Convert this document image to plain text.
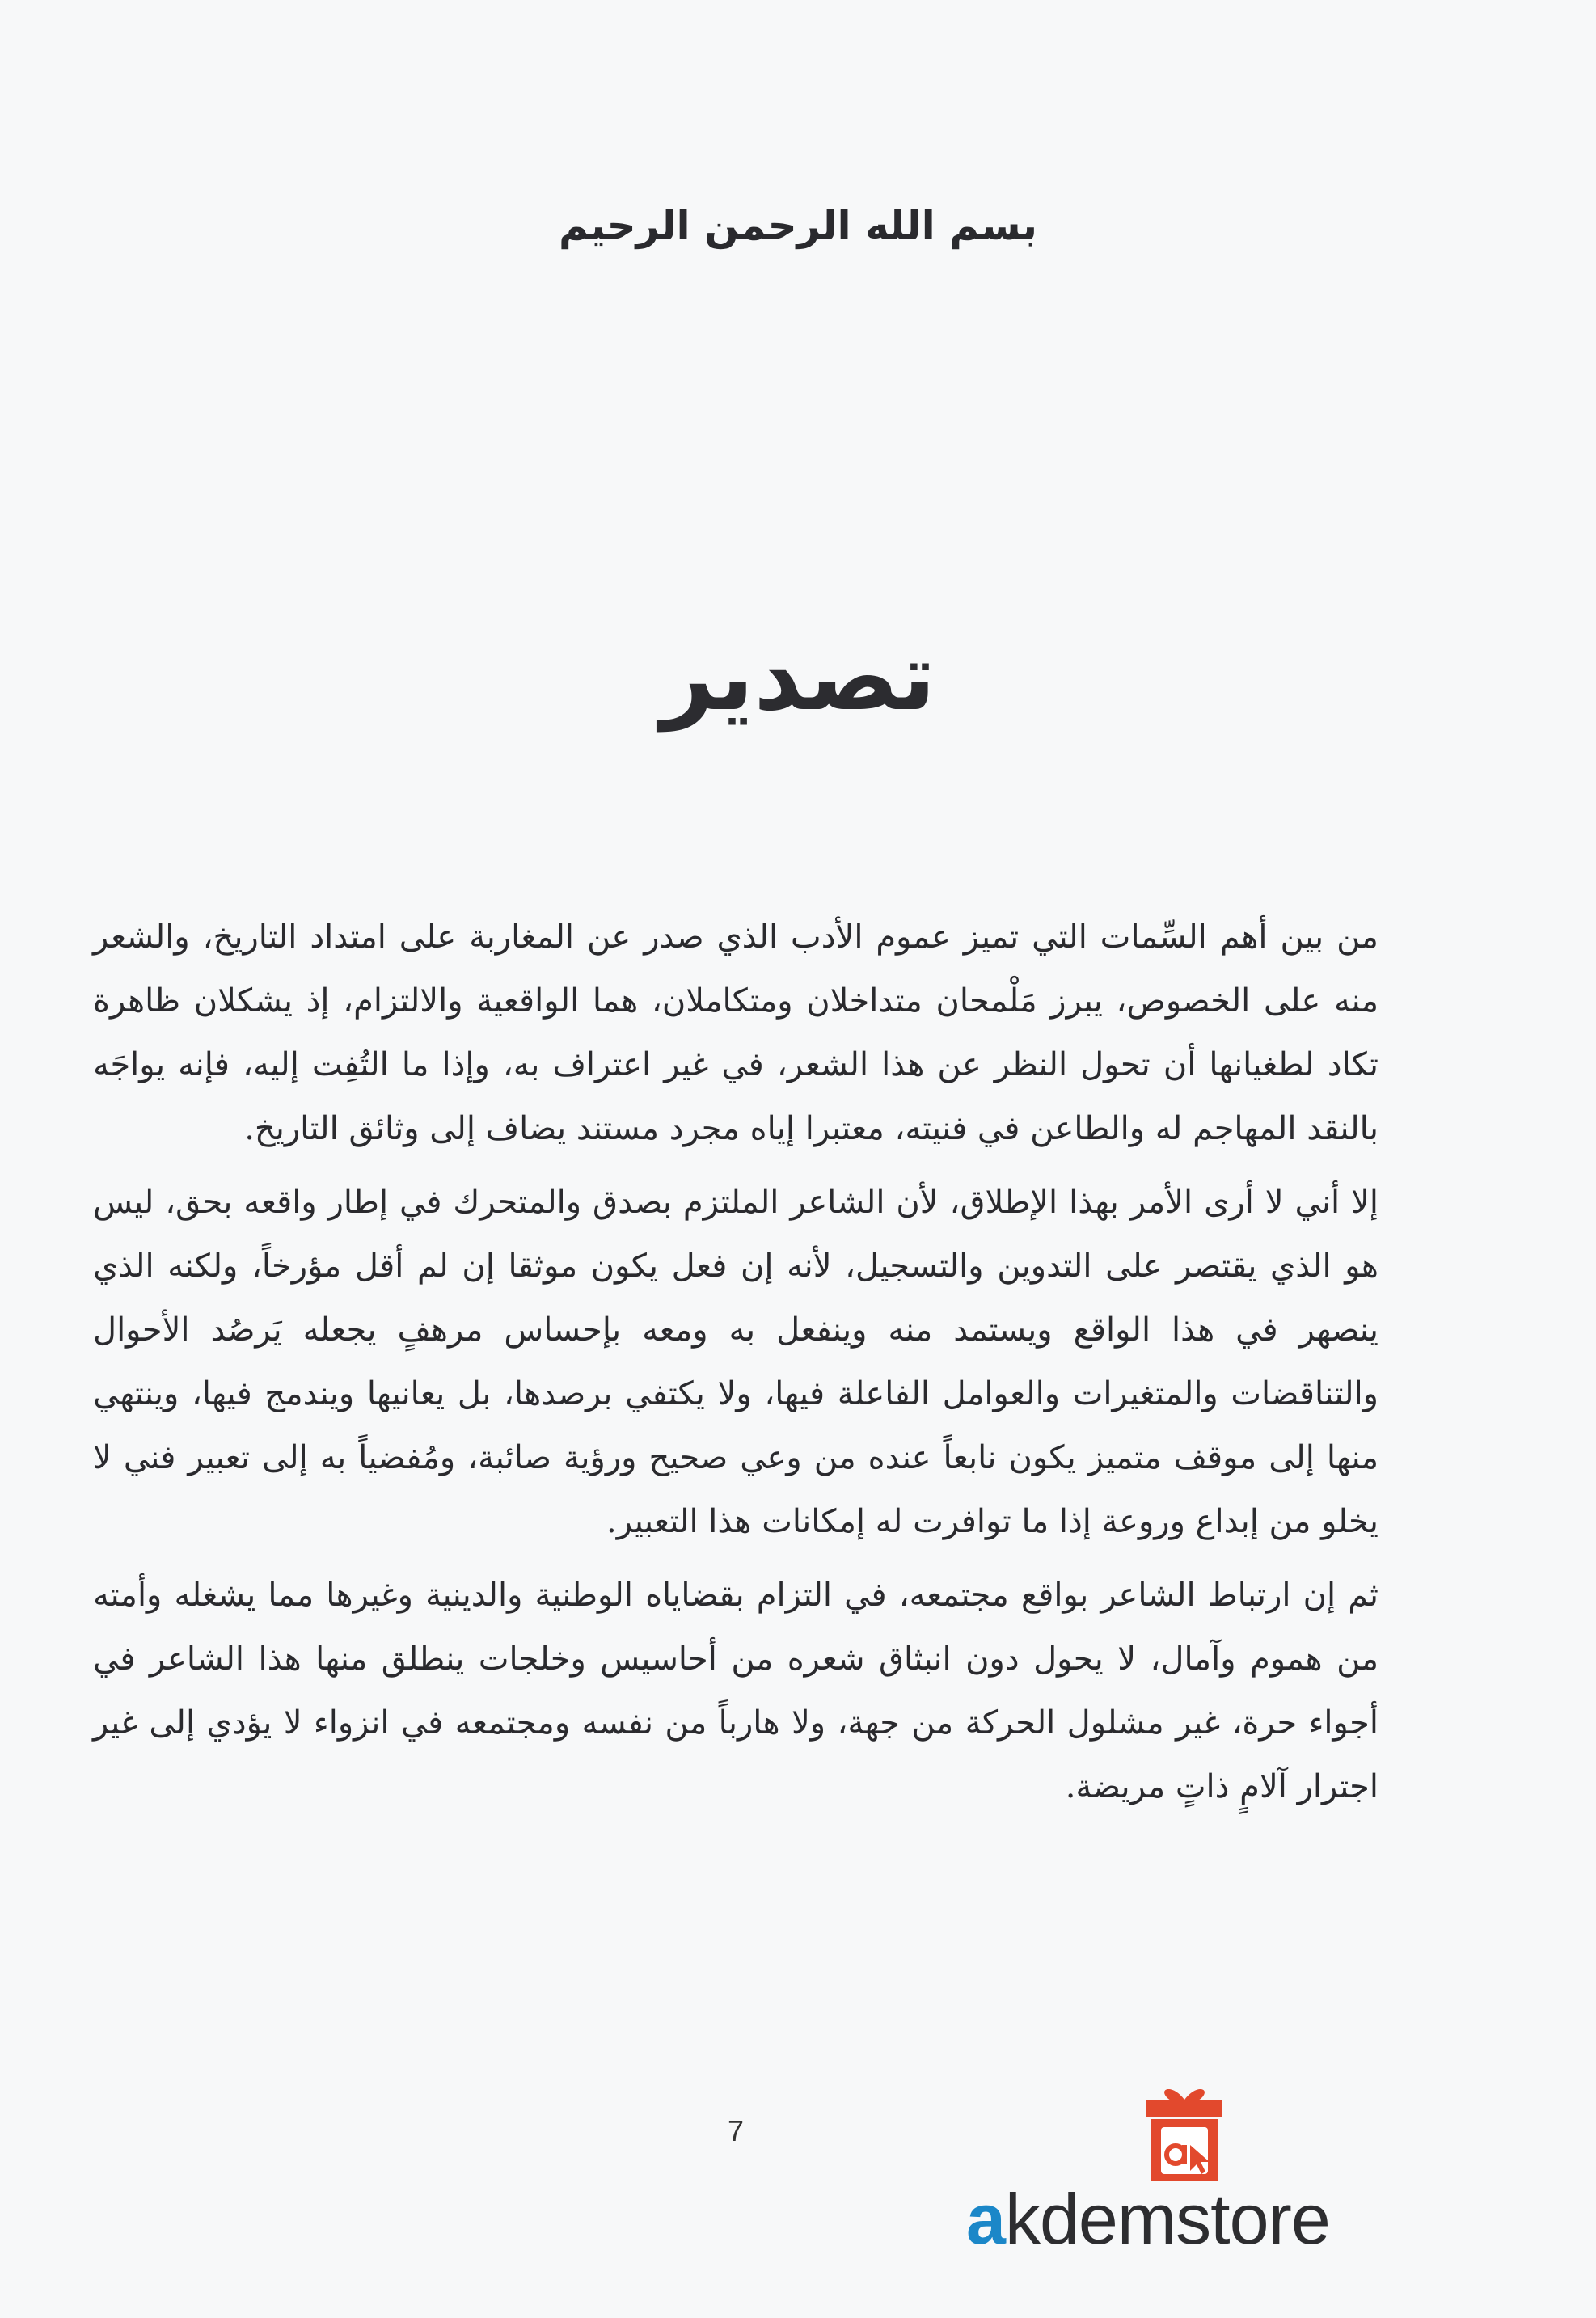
بسم الله الرحمن الرحيم
تصدير

من بين أهم السِّمات التي تميز عموم الأدب الذي صدر عن المغاربة على امتداد التاريخ، والشعر منه على الخصوص، يبرز مَلْمحان متداخلان ومتكاملان، هما الواقعية والالتزام، إذ يشكلان ظاهرة تكاد لطغيانها أن تحول النظر عن هذا الشعر، في غير اعتراف به، وإذا ما التُفِت إليه، فإنه يواجَه بالنقد المهاجم له والطاعن في فنيته، معتبرا إياه مجرد مستند يضاف إلى وثائق التاريخ.

إلا أني لا أرى الأمر بهذا الإطلاق، لأن الشاعر الملتزم بصدق والمتحرك في إطار واقعه بحق، ليس هو الذي يقتصر على التدوين والتسجيل، لأنه إن فعل يكون موثقا إن لم أقل مؤرخاً، ولكنه الذي ينصهر في هذا الواقع ويستمد منه وينفعل به ومعه بإحساس مرهفٍ يجعله يَرصُد الأحوال والتناقضات والمتغيرات والعوامل الفاعلة فيها، ولا يكتفي برصدها، بل يعانيها ويندمج فيها، وينتهي منها إلى موقف متميز يكون نابعاً عنده من وعي صحيح ورؤية صائبة، ومُفضياً به إلى تعبير فني لا يخلو من إبداع وروعة إذا ما توافرت له إمكانات هذا التعبير.

ثم إن ارتباط الشاعر بواقع مجتمعه، في التزام بقضاياه الوطنية والدينية وغيرها مما يشغله وأمته من هموم وآمال، لا يحول دون انبثاق شعره من أحاسيس وخلجات ينطلق منها هذا الشاعر في أجواء حرة، غير مشلول الحركة من جهة، ولا هارباً من نفسه ومجتمعه في انزواء لا يؤدي إلى غير اجترار آلامٍ ذاتٍ مريضة.

7
akdemstore
